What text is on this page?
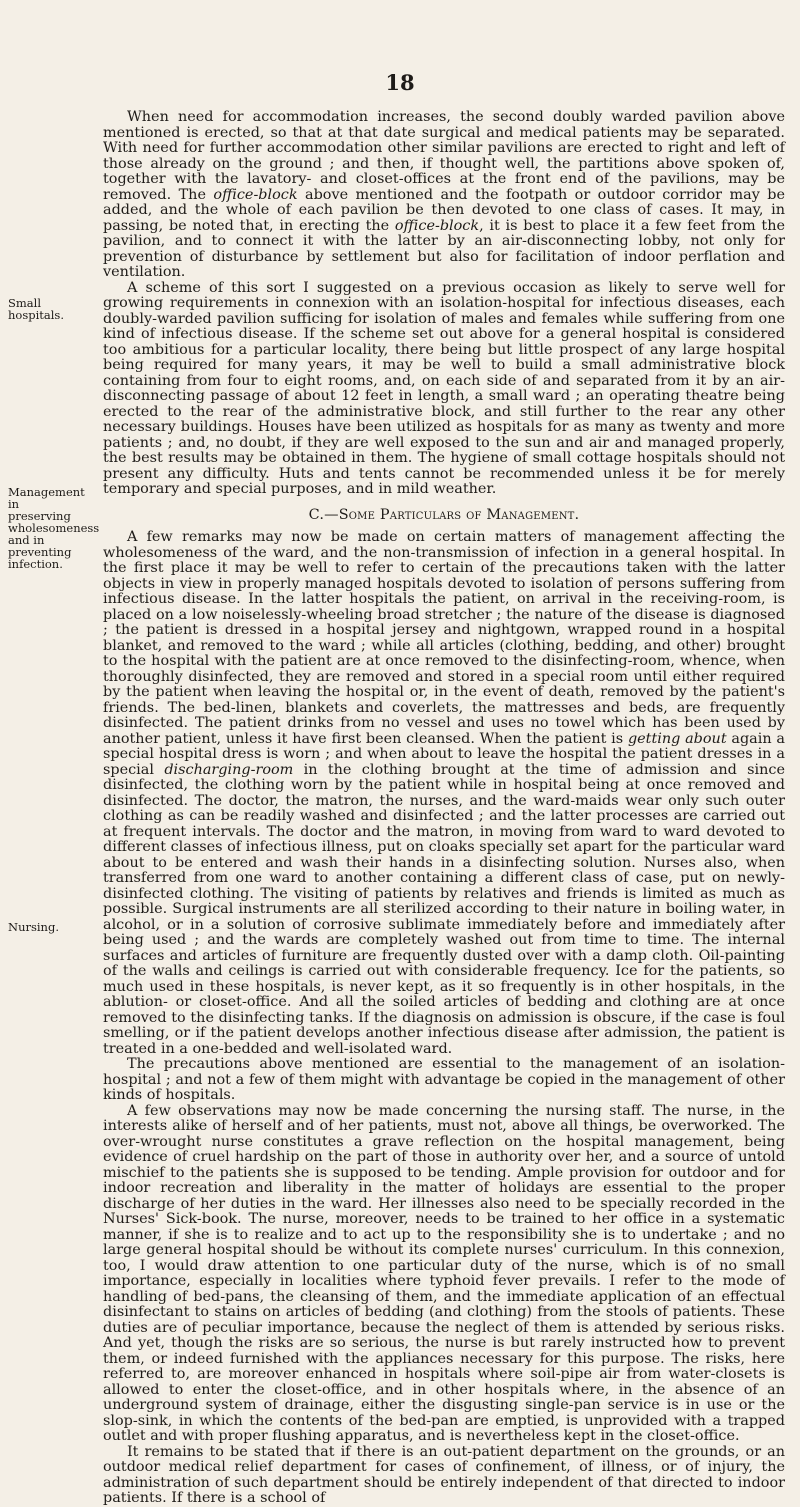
18
Small hospitals.
Management in preserving wholesomeness and in preventing infection.
Nursing.

When need for accommodation increases, the second doubly warded pavilion above mentioned is erected, so that at that date surgical and medical patients may be separated. With need for further accommodation other similar pavilions are erected to right and left of those already on the ground ; and then, if thought well, the partitions above spoken of, together with the lavatory- and closet-offices at the front end of the pavilions, may be removed. The office-block above mentioned and the footpath or outdoor corridor may be added, and the whole of each pavilion be then devoted to one class of cases. It may, in passing, be noted that, in erecting the office-block, it is best to place it a few feet from the pavilion, and to connect it with the latter by an air-disconnecting lobby, not only for prevention of disturbance by settlement but also for facilitation of indoor perflation and ventilation.

A scheme of this sort I suggested on a previous occasion as likely to serve well for growing requirements in connexion with an isolation-hospital for infectious diseases, each doubly-warded pavilion sufficing for isolation of males and females while suffering from one kind of infectious disease. If the scheme set out above for a general hospital is considered too ambitious for a particular locality, there being but little prospect of any large hospital being required for many years, it may be well to build a small administrative block containing from four to eight rooms, and, on each side of and separated from it by an air-disconnecting passage of about 12 feet in length, a small ward ; an operating theatre being erected to the rear of the administrative block, and still further to the rear any other necessary buildings. Houses have been utilized as hospitals for as many as twenty and more patients ; and, no doubt, if they are well exposed to the sun and air and managed properly, the best results may be obtained in them. The hygiene of small cottage hospitals should not present any difficulty. Huts and tents cannot be recommended unless it be for merely temporary and special purposes, and in mild weather.

C.—Some Particulars of Management.

A few remarks may now be made on certain matters of management affecting the wholesomeness of the ward, and the non-transmission of infection in a general hospital. In the first place it may be well to refer to certain of the precautions taken with the latter objects in view in properly managed hospitals devoted to isolation of persons suffering from infectious disease. In the latter hospitals the patient, on arrival in the receiving-room, is placed on a low noiselessly-wheeling broad stretcher ; the nature of the disease is diagnosed ; the patient is dressed in a hospital jersey and nightgown, wrapped round in a hospital blanket, and removed to the ward ; while all articles (clothing, bedding, and other) brought to the hospital with the patient are at once removed to the disinfecting-room, whence, when thoroughly disinfected, they are removed and stored in a special room until either required by the patient when leaving the hospital or, in the event of death, removed by the patient's friends. The bed-linen, blankets and coverlets, the mattresses and beds, are frequently disinfected. The patient drinks from no vessel and uses no towel which has been used by another patient, unless it have first been cleansed. When the patient is getting about again a special hospital dress is worn ; and when about to leave the hospital the patient dresses in a special discharging-room in the clothing brought at the time of admission and since disinfected, the clothing worn by the patient while in hospital being at once removed and disinfected. The doctor, the matron, the nurses, and the ward-maids wear only such outer clothing as can be readily washed and disinfected ; and the latter processes are carried out at frequent intervals. The doctor and the matron, in moving from ward to ward devoted to different classes of infectious illness, put on cloaks specially set apart for the particular ward about to be entered and wash their hands in a disinfecting solution. Nurses also, when transferred from one ward to another containing a different class of case, put on newly-disinfected clothing. The visiting of patients by relatives and friends is limited as much as possible. Surgical instruments are all sterilized according to their nature in boiling water, in alcohol, or in a solution of corrosive sublimate immediately before and immediately after being used ; and the wards are completely washed out from time to time. The internal surfaces and articles of furniture are frequently dusted over with a damp cloth. Oil-painting of the walls and ceilings is carried out with considerable frequency. Ice for the patients, so much used in these hospitals, is never kept, as it so frequently is in other hospitals, in the ablution- or closet-office. And all the soiled articles of bedding and clothing are at once removed to the disinfecting tanks. If the diagnosis on admission is obscure, if the case is foul smelling, or if the patient develops another infectious disease after admission, the patient is treated in a one-bedded and well-isolated ward.

The precautions above mentioned are essential to the management of an isolation-hospital ; and not a few of them might with advantage be copied in the management of other kinds of hospitals.

A few observations may now be made concerning the nursing staff. The nurse, in the interests alike of herself and of her patients, must not, above all things, be overworked. The over-wrought nurse constitutes a grave reflection on the hospital management, being evidence of cruel hardship on the part of those in authority over her, and a source of untold mischief to the patients she is supposed to be tending. Ample provision for outdoor and for indoor recreation and liberality in the matter of holidays are essential to the proper discharge of her duties in the ward. Her illnesses also need to be specially recorded in the Nurses' Sick-book. The nurse, moreover, needs to be trained to her office in a systematic manner, if she is to realize and to act up to the responsibility she is to undertake ; and no large general hospital should be without its complete nurses' curriculum. In this connexion, too, I would draw attention to one particular duty of the nurse, which is of no small importance, especially in localities where typhoid fever prevails. I refer to the mode of handling of bed-pans, the cleansing of them, and the immediate application of an effectual disinfectant to stains on articles of bedding (and clothing) from the stools of patients. These duties are of peculiar importance, because the neglect of them is attended by serious risks. And yet, though the risks are so serious, the nurse is but rarely instructed how to prevent them, or indeed furnished with the appliances necessary for this purpose. The risks, here referred to, are moreover enhanced in hospitals where soil-pipe air from water-closets is allowed to enter the closet-office, and in other hospitals where, in the absence of an underground system of drainage, either the disgusting single-pan service is in use or the slop-sink, in which the contents of the bed-pan are emptied, is unprovided with a trapped outlet and with proper flushing apparatus, and is nevertheless kept in the closet-office.

It remains to be stated that if there is an out-patient department on the grounds, or an outdoor medical relief department for cases of confinement, of illness, or of injury, the administration of such department should be entirely independent of that directed to indoor patients. If there is a school of
